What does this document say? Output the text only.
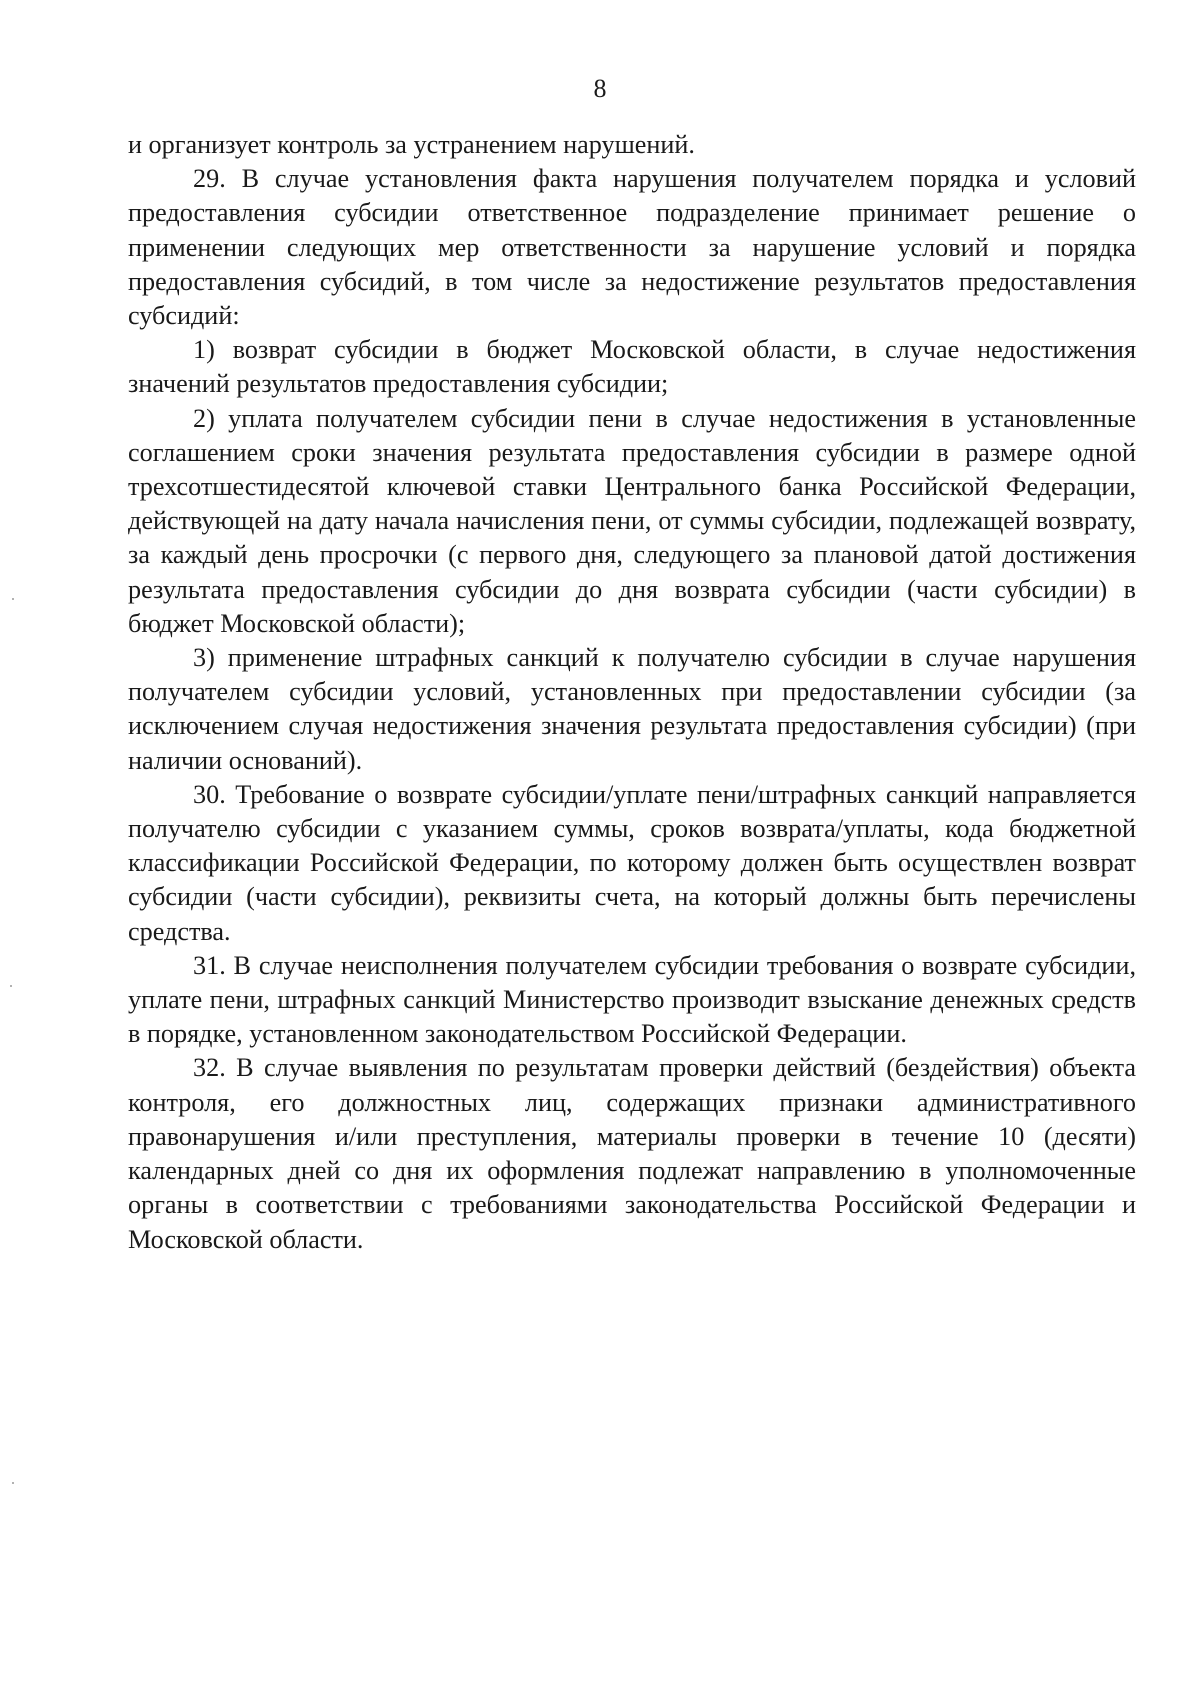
8

и организует контроль за устранением нарушений.

29. В случае установления факта нарушения получателем порядка и условий предоставления субсидии ответственное подразделение принимает решение о применении следующих мер ответственности за нарушение условий и порядка предоставления субсидий, в том числе за недостижение результатов предоставления субсидий:

1) возврат субсидии в бюджет Московской области, в случае недостижения значений результатов предоставления субсидии;

2) уплата получателем субсидии пени в случае недостижения в установленные соглашением сроки значения результата предоставления субсидии в размере одной трехсотшестидесятой ключевой ставки Центрального банка Российской Федерации, действующей на дату начала начисления пени, от суммы субсидии, подлежащей возврату, за каждый день просрочки (с первого дня, следующего за плановой датой достижения результата предоставления субсидии до дня возврата субсидии (части субсидии) в бюджет Московской области);

3) применение штрафных санкций к получателю субсидии в случае нарушения получателем субсидии условий, установленных при предоставлении субсидии (за исключением случая недостижения значения результата предоставления субсидии) (при наличии оснований).

30. Требование о возврате субсидии/уплате пени/штрафных санкций направляется получателю субсидии с указанием суммы, сроков возврата/уплаты, кода бюджетной классификации Российской Федерации, по которому должен быть осуществлен возврат субсидии (части субсидии), реквизиты счета, на который должны быть перечислены средства.

31. В случае неисполнения получателем субсидии требования о возврате субсидии, уплате пени, штрафных санкций Министерство производит взыскание денежных средств в порядке, установленном законодательством Российской Федерации.

32. В случае выявления по результатам проверки действий (бездействия) объекта контроля, его должностных лиц, содержащих признаки административного правонарушения и/или преступления, материалы проверки в течение 10 (десяти) календарных дней со дня их оформления подлежат направлению в уполномоченные органы в соответствии с требованиями законодательства Российской Федерации и Московской области.
